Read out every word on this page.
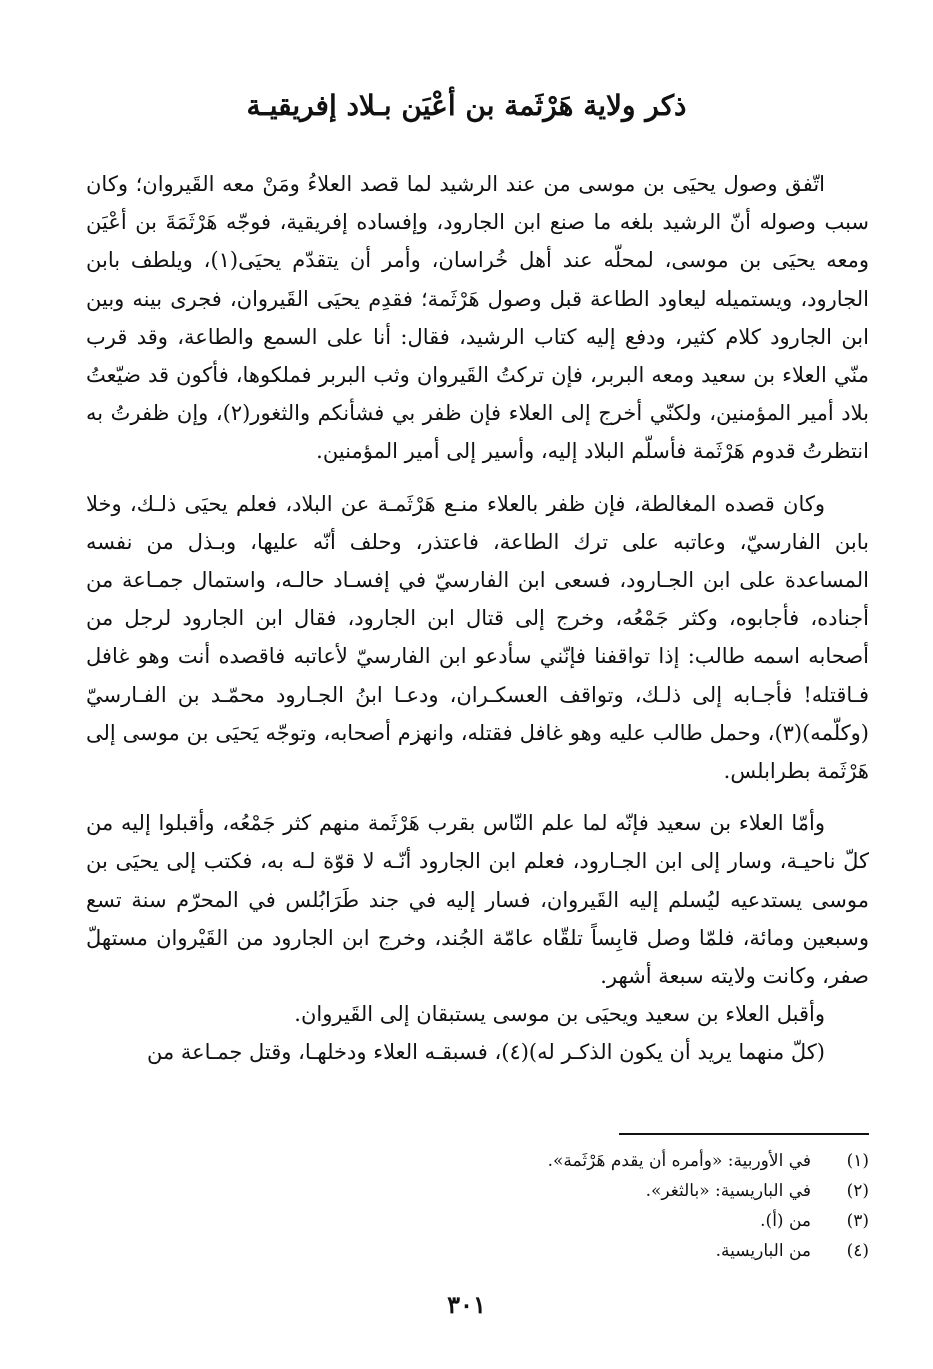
ذكر ولاية هَرْثَمة بن أعْيَن بـلاد إفريقيـة

اتّفق وصول يحيَى بن موسى من عند الرشيد لما قصد العلاءُ ومَنْ معه القَيروان؛ وكان سبب وصوله أنّ الرشيد بلغه ما صنع ابن الجارود، وإفساده إفريقية، فوجّه هَرْثَمَةَ بن أعْيَن ومعه يحيَى بن موسى، لمحلّه عند أهل خُراسان، وأمر أن يتقدّم يحيَى(١)، ويلطف بابن الجارود، ويستميله ليعاود الطاعة قبل وصول هَرْثَمة؛ فقدِم يحيَى القَيروان، فجرى بينه وبين ابن الجارود كلام كثير، ودفع إليه كتاب الرشيد، فقال: أنا على السمع والطاعة، وقد قرب منّي العلاء بن سعيد ومعه البربر، فإن تركتُ القَيروان وثب البربر فملكوها، فأكون قد ضيّعتُ بلاد أمير المؤمنين، ولكنّي أخرج إلى العلاء فإن ظفر بي فشأنكم والثغور(٢)، وإن ظفرتُ به انتظرتُ قدوم هَرْثَمة فأسلّم البلاد إليه، وأسير إلى أمير المؤمنين.

وكان قصده المغالطة، فإن ظفر بالعلاء منـع هَرْثَمـة عن البلاد، فعلم يحيَى ذلـك، وخلا بابن الفارسيّ، وعاتبه على ترك الطاعة، فاعتذر، وحلف أنّه عليها، وبـذل من نفسه المساعدة على ابن الجـارود، فسعى ابن الفارسيّ في إفسـاد حالـه، واستمال جمـاعة من أجناده، فأجابوه، وكثر جَمْعُه، وخرج إلى قتال ابن الجارود، فقال ابن الجارود لرجل من أصحابه اسمه طالب: إذا تواقفنا فإنّني سأدعو ابن الفارسيّ لأعاتبه فاقصده أنت وهو غافل فـاقتله! فأجـابه إلى ذلـك، وتواقف العسكـران، ودعـا ابنُ الجـارود محمّـد بن الفـارسيّ (وكلّمه)(٣)، وحمل طالب عليه وهو غافل فقتله، وانهزم أصحابه، وتوجّه يَحيَى بن موسى إلى هَرْثَمة بطرابلس.

وأمّا العلاء بن سعيد فإنّه لما علم النّاس بقرب هَرْثَمة منهم كثر جَمْعُه، وأقبلوا إليه من كلّ ناحيـة، وسار إلى ابن الجـارود، فعلم ابن الجارود أنّـه لا قوّة لـه به، فكتب إلى يحيَى بن موسى يستدعيه ليُسلم إليه القَيروان، فسار إليه في جند طَرَابُلس في المحرّم سنة تسع وسبعين ومائة، فلمّا وصل قابِساً تلقّاه عامّة الجُند، وخرج ابن الجارود من القَيْروان مستهلّ صفر، وكانت ولايته سبعة أشهر.

وأقبل العلاء بن سعيد ويحيَى بن موسى يستبقان إلى القَيروان.

(كلّ منهما يريد أن يكون الذكـر له)(٤)، فسبقـه العلاء ودخلهـا، وقتل جمـاعة من

(١)
في الأوربية: «وأمره أن يقدم هَرْثَمة».
(٢)
في الباريسية: «بالثغر».
(٣)
من (أ).
(٤)
من الباريسية.
٣٠١
